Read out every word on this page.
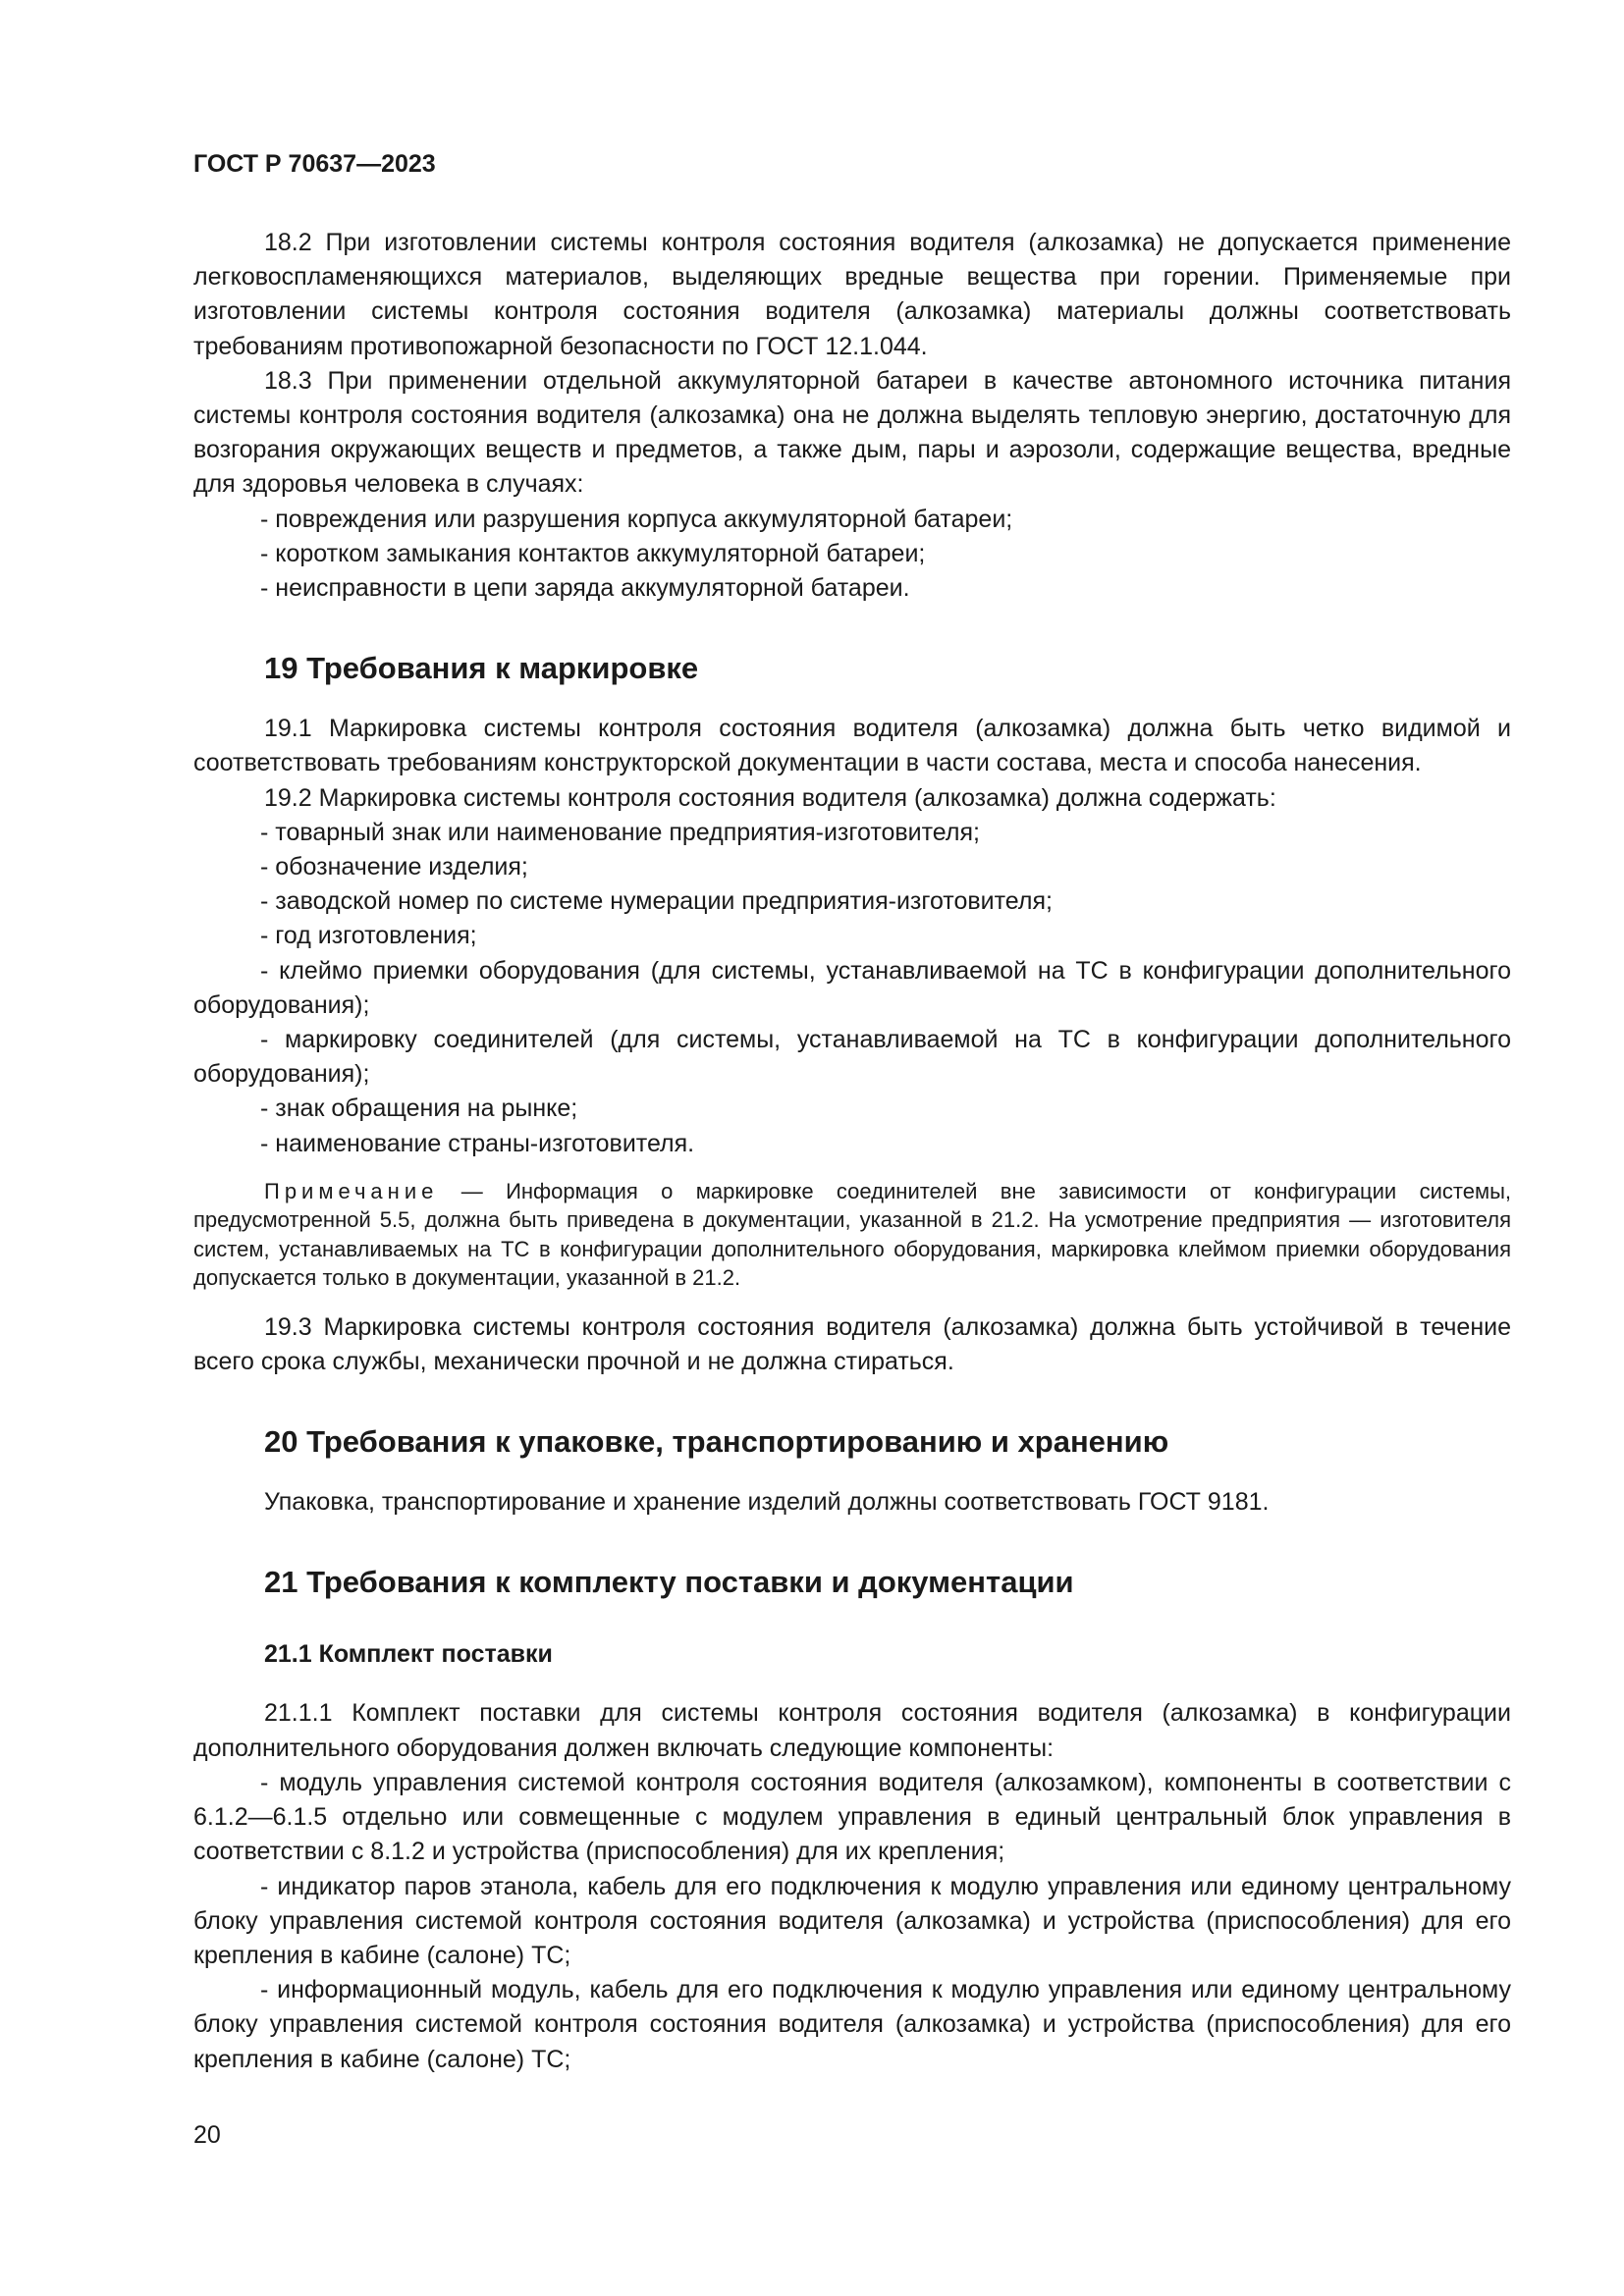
ГОСТ Р 70637—2023

18.2 При изготовлении системы контроля состояния водителя (алкозамка) не допускается применение легковоспламеняющихся материалов, выделяющих вредные вещества при горении. Применяемые при изготовлении системы контроля состояния водителя (алкозамка) материалы должны соответствовать требованиям противопожарной безопасности по ГОСТ 12.1.044.

18.3 При применении отдельной аккумуляторной батареи в качестве автономного источника питания системы контроля состояния водителя (алкозамка) она не должна выделять тепловую энергию, достаточную для возгорания окружающих веществ и предметов, а также дым, пары и аэрозоли, содержащие вещества, вредные для здоровья человека в случаях:

- повреждения или разрушения корпуса аккумуляторной батареи;

- коротком замыкания контактов аккумуляторной батареи;

- неисправности в цепи заряда аккумуляторной батареи.

19 Требования к маркировке

19.1 Маркировка системы контроля состояния водителя (алкозамка) должна быть четко видимой и соответствовать требованиям конструкторской документации в части состава, места и способа нанесения.

19.2 Маркировка системы контроля состояния водителя (алкозамка) должна содержать:

- товарный знак или наименование предприятия-изготовителя;

- обозначение изделия;

- заводской номер по системе нумерации предприятия-изготовителя;

- год изготовления;

- клеймо приемки оборудования (для системы, устанавливаемой на ТС в конфигурации дополнительного оборудования);

- маркировку соединителей (для системы, устанавливаемой на ТС в конфигурации дополнительного оборудования);

- знак обращения на рынке;

- наименование страны-изготовителя.

Примечание — Информация о маркировке соединителей вне зависимости от конфигурации системы, предусмотренной 5.5, должна быть приведена в документации, указанной в 21.2. На усмотрение предприятия — изготовителя систем, устанавливаемых на ТС в конфигурации дополнительного оборудования, маркировка клеймом приемки оборудования допускается только в документации, указанной в 21.2.

19.3 Маркировка системы контроля состояния водителя (алкозамка) должна быть устойчивой в течение всего срока службы, механически прочной и не должна стираться.

20 Требования к упаковке, транспортированию и хранению

Упаковка, транспортирование и хранение изделий должны соответствовать ГОСТ 9181.

21 Требования к комплекту поставки и документации
21.1 Комплект поставки

21.1.1 Комплект поставки для системы контроля состояния водителя (алкозамка) в конфигурации дополнительного оборудования должен включать следующие компоненты:

- модуль управления системой контроля состояния водителя (алкозамком), компоненты в соответствии с 6.1.2—6.1.5 отдельно или совмещенные с модулем управления в единый центральный блок управления в соответствии с 8.1.2 и устройства (приспособления) для их крепления;

- индикатор паров этанола, кабель для его подключения к модулю управления или единому центральному блоку управления системой контроля состояния водителя (алкозамка) и устройства (приспособления) для его крепления в кабине (салоне) ТС;

- информационный модуль, кабель для его подключения к модулю управления или единому центральному блоку управления системой контроля состояния водителя (алкозамка) и устройства (приспособления) для его крепления в кабине (салоне) ТС;

20
